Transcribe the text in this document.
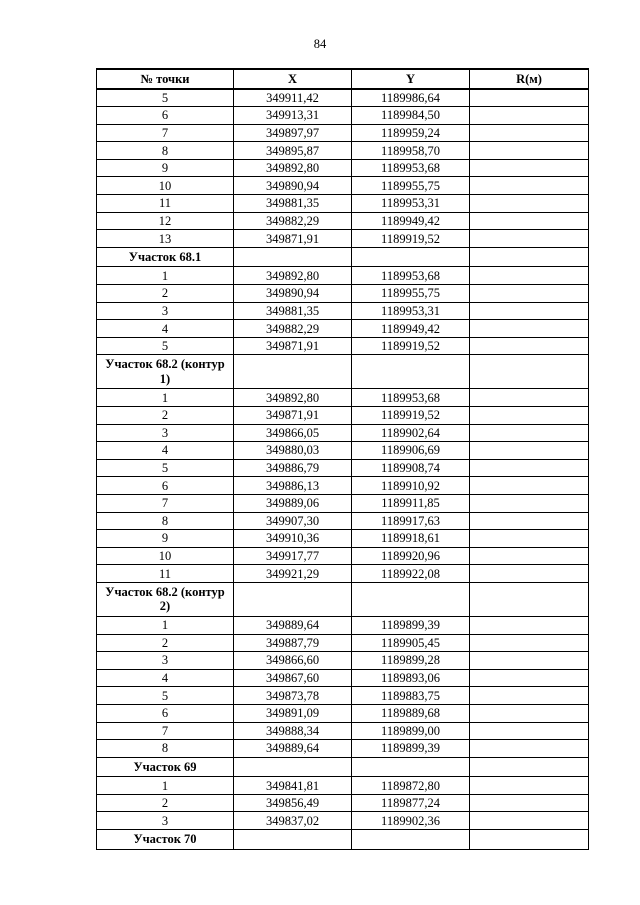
84
№ точки	X	Y	R(м)
5	349911,42	1189986,64	
6	349913,31	1189984,50	
7	349897,97	1189959,24	
8	349895,87	1189958,70	
9	349892,80	1189953,68	
10	349890,94	1189955,75	
11	349881,35	1189953,31	
12	349882,29	1189949,42	
13	349871,91	1189919,52	
Участок 68.1			
1	349892,80	1189953,68	
2	349890,94	1189955,75	
3	349881,35	1189953,31	
4	349882,29	1189949,42	
5	349871,91	1189919,52	
Участок 68.2 (контур 1)			
1	349892,80	1189953,68	
2	349871,91	1189919,52	
3	349866,05	1189902,64	
4	349880,03	1189906,69	
5	349886,79	1189908,74	
6	349886,13	1189910,92	
7	349889,06	1189911,85	
8	349907,30	1189917,63	
9	349910,36	1189918,61	
10	349917,77	1189920,96	
11	349921,29	1189922,08	
Участок 68.2 (контур 2)			
1	349889,64	1189899,39	
2	349887,79	1189905,45	
3	349866,60	1189899,28	
4	349867,60	1189893,06	
5	349873,78	1189883,75	
6	349891,09	1189889,68	
7	349888,34	1189899,00	
8	349889,64	1189899,39	
Участок 69			
1	349841,81	1189872,80	
2	349856,49	1189877,24	
3	349837,02	1189902,36	
Участок 70			
